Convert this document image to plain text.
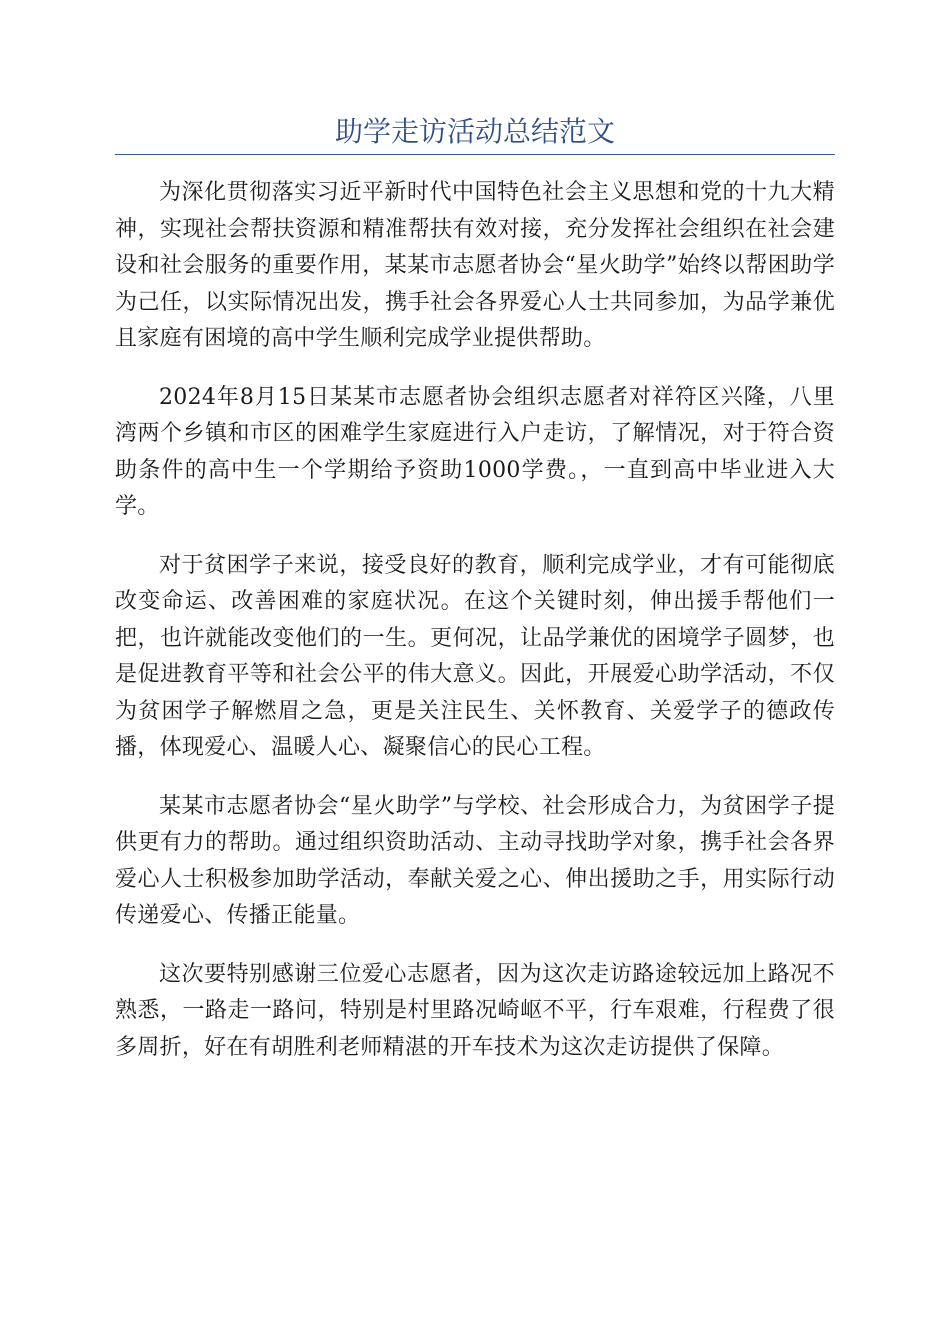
助学走访活动总结范文

为深化贯彻落实习近平新时代中国特色社会主义思想和党的十九大精神，实现社会帮扶资源和精准帮扶有效对接，充分发挥社会组织在社会建设和社会服务的重要作用，某某市志愿者协会“星火助学”始终以帮困助学为己任，以实际情况出发，携手社会各界爱心人士共同参加，为品学兼优且家庭有困境的高中学生顺利完成学业提供帮助。

2024年8月15日某某市志愿者协会组织志愿者对祥符区兴隆，八里湾两个乡镇和市区的困难学生家庭进行入户走访，了解情况，对于符合资助条件的高中生一个学期给予资助1000学费。，一直到高中毕业进入大学。

对于贫困学子来说，接受良好的教育，顺利完成学业，才有可能彻底改变命运、改善困难的家庭状况。在这个关键时刻，伸出援手帮他们一把，也许就能改变他们的一生。更何况，让品学兼优的困境学子圆梦，也是促进教育平等和社会公平的伟大意义。因此，开展爱心助学活动，不仅为贫困学子解燃眉之急，更是关注民生、关怀教育、关爱学子的德政传播，体现爱心、温暖人心、凝聚信心的民心工程。

某某市志愿者协会“星火助学”与学校、社会形成合力，为贫困学子提供更有力的帮助。通过组织资助活动、主动寻找助学对象，携手社会各界爱心人士积极参加助学活动，奉献关爱之心、伸出援助之手，用实际行动传递爱心、传播正能量。

这次要特别感谢三位爱心志愿者，因为这次走访路途较远加上路况不熟悉，一路走一路问，特别是村里路况崎岖不平，行车艰难，行程费了很多周折，好在有胡胜利老师精湛的开车技术为这次走访提供了保障。
